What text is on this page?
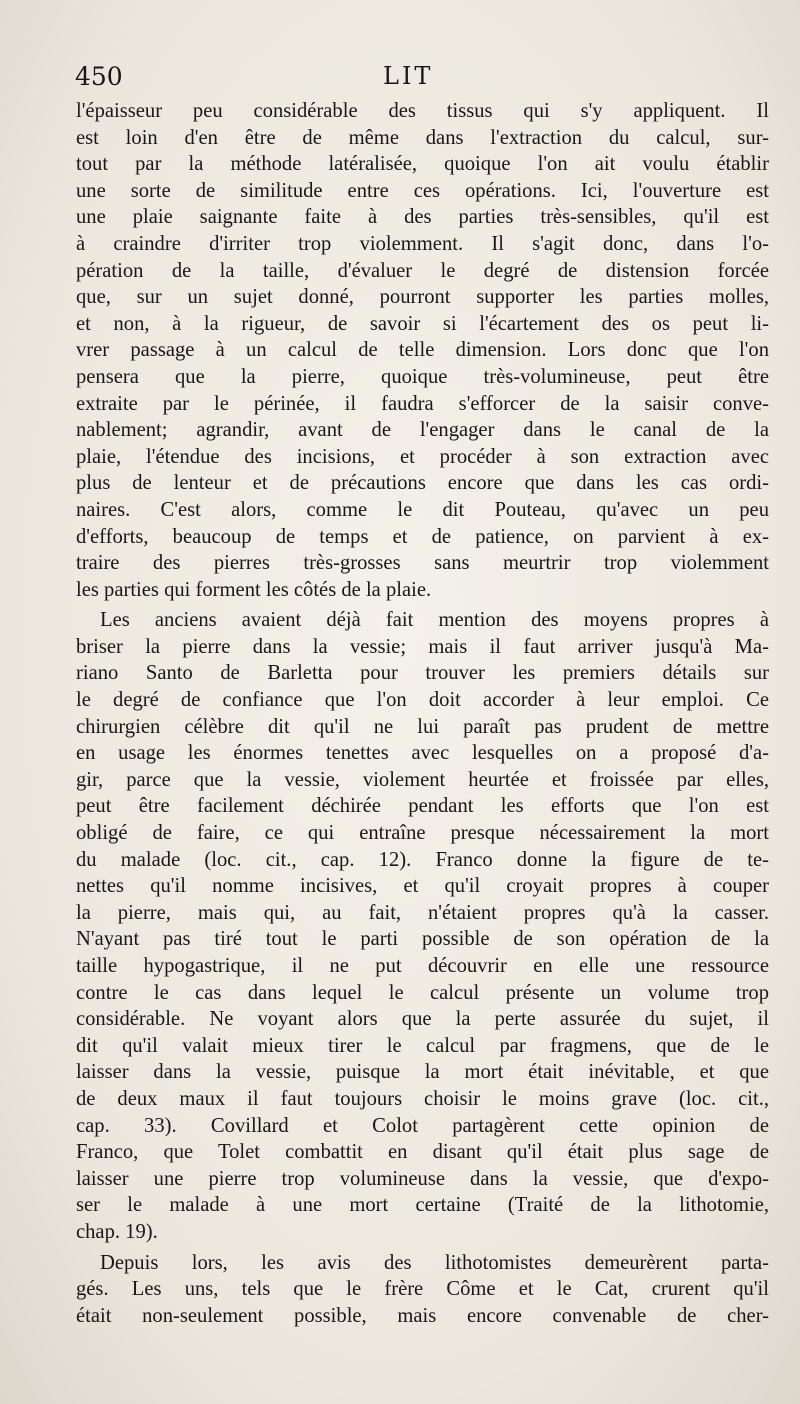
450	LIT
l'épaisseur peu considérable des tissus qui s'y appliquent. Il
est loin d'en être de même dans l'extraction du calcul, sur-
tout par la méthode latéralisée, quoique l'on ait voulu établir
une sorte de similitude entre ces opérations. Ici, l'ouverture est
une plaie saignante faite à des parties très-sensibles, qu'il est
à craindre d'irriter trop violemment. Il s'agit donc, dans l'o-
pération de la taille, d'évaluer le degré de distension forcée
que, sur un sujet donné, pourront supporter les parties molles,
et non, à la rigueur, de savoir si l'écartement des os peut li-
vrer passage à un calcul de telle dimension. Lors donc que l'on
pensera que la pierre, quoique très-volumineuse, peut être
extraite par le périnée, il faudra s'efforcer de la saisir conve-
nablement; agrandir, avant de l'engager dans le canal de la
plaie, l'étendue des incisions, et procéder à son extraction avec
plus de lenteur et de précautions encore que dans les cas ordi-
naires. C'est alors, comme le dit Pouteau, qu'avec un peu
d'efforts, beaucoup de temps et de patience, on parvient à ex-
traire des pierres très-grosses sans meurtrir trop violemment
les parties qui forment les côtés de la plaie.
Les anciens avaient déjà fait mention des moyens propres à
briser la pierre dans la vessie; mais il faut arriver jusqu'à Ma-
riano Santo de Barletta pour trouver les premiers détails sur
le degré de confiance que l'on doit accorder à leur emploi. Ce
chirurgien célèbre dit qu'il ne lui paraît pas prudent de mettre
en usage les énormes tenettes avec lesquelles on a proposé d'a-
gir, parce que la vessie, violement heurtée et froissée par elles,
peut être facilement déchirée pendant les efforts que l'on est
obligé de faire, ce qui entraîne presque nécessairement la mort
du malade (loc. cit., cap. 12). Franco donne la figure de te-
nettes qu'il nomme incisives, et qu'il croyait propres à couper
la pierre, mais qui, au fait, n'étaient propres qu'à la casser.
N'ayant pas tiré tout le parti possible de son opération de la
taille hypogastrique, il ne put découvrir en elle une ressource
contre le cas dans lequel le calcul présente un volume trop
considérable. Ne voyant alors que la perte assurée du sujet, il
dit qu'il valait mieux tirer le calcul par fragmens, que de le
laisser dans la vessie, puisque la mort était inévitable, et que
de deux maux il faut toujours choisir le moins grave (loc. cit.,
cap. 33). Covillard et Colot partagèrent cette opinion de
Franco, que Tolet combattit en disant qu'il était plus sage de
laisser une pierre trop volumineuse dans la vessie, que d'expo-
ser le malade à une mort certaine (Traité de la lithotomie,
chap. 19).
Depuis lors, les avis des lithotomistes demeurèrent parta-
gés. Les uns, tels que le frère Côme et le Cat, crurent qu'il
était non-seulement possible, mais encore convenable de cher-
